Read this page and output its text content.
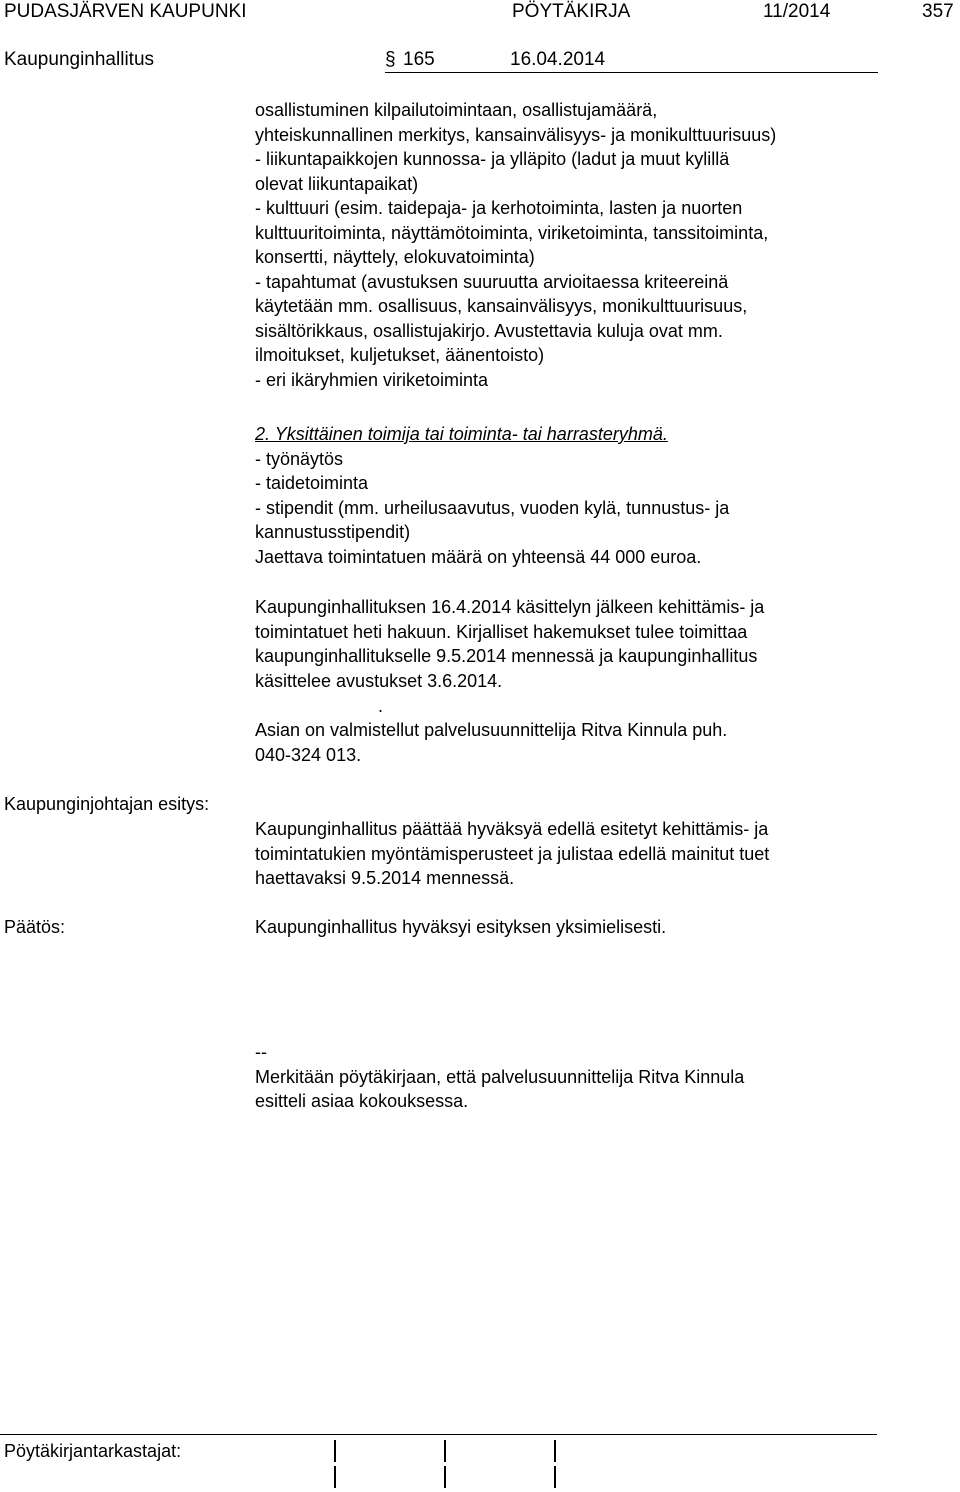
PUDASJÄRVEN KAUPUNKI	PÖYTÄKIRJA	11/2014	357
Kaupunginhallitus	§ 165	16.04.2014

osallistuminen kilpailutoimintaan, osallistujamäärä,

yhteiskunnallinen merkitys, kansainvälisyys- ja monikulttuurisuus)

- liikuntapaikkojen kunnossa- ja ylläpito (ladut ja muut kylillä

olevat liikuntapaikat)

- kulttuuri (esim. taidepaja- ja kerhotoiminta, lasten ja nuorten

kulttuuritoiminta, näyttämötoiminta, viriketoiminta, tanssitoiminta,

konsertti, näyttely, elokuvatoiminta)

- tapahtumat (avustuksen suuruutta arvioitaessa kriteereinä

käytetään mm. osallisuus, kansainvälisyys, monikulttuurisuus,

sisältörikkaus, osallistujakirjo. Avustettavia kuluja ovat mm.

ilmoitukset, kuljetukset, äänentoisto)

- eri ikäryhmien viriketoiminta

2. Yksittäinen toimija tai toiminta- tai harrasteryhmä.

- työnäytös

- taidetoiminta

- stipendit (mm. urheilusaavutus, vuoden kylä, tunnustus- ja

kannustusstipendit)

Jaettava toimintatuen määrä on yhteensä 44 000 euroa.

Kaupunginhallituksen 16.4.2014 käsittelyn jälkeen kehittämis- ja

toimintatuet heti hakuun. Kirjalliset hakemukset tulee toimittaa

kaupunginhallitukselle 9.5.2014 mennessä ja kaupunginhallitus

käsittelee avustukset 3.6.2014.

.

Asian on valmistellut palvelusuunnittelija Ritva Kinnula puh.

040-324 013.

Kaupunginjohtajan esitys:

Kaupunginhallitus päättää hyväksyä edellä esitetyt kehittämis- ja

toimintatukien myöntämisperusteet ja julistaa edellä mainitut tuet

haettavaksi 9.5.2014 mennessä.

Päätös:	Kaupunginhallitus hyväksyi esityksen yksimielisesti.

--

Merkitään pöytäkirjaan, että palvelusuunnittelija Ritva Kinnula

esitteli asiaa kokouksessa.

Pöytäkirjantarkastajat:
